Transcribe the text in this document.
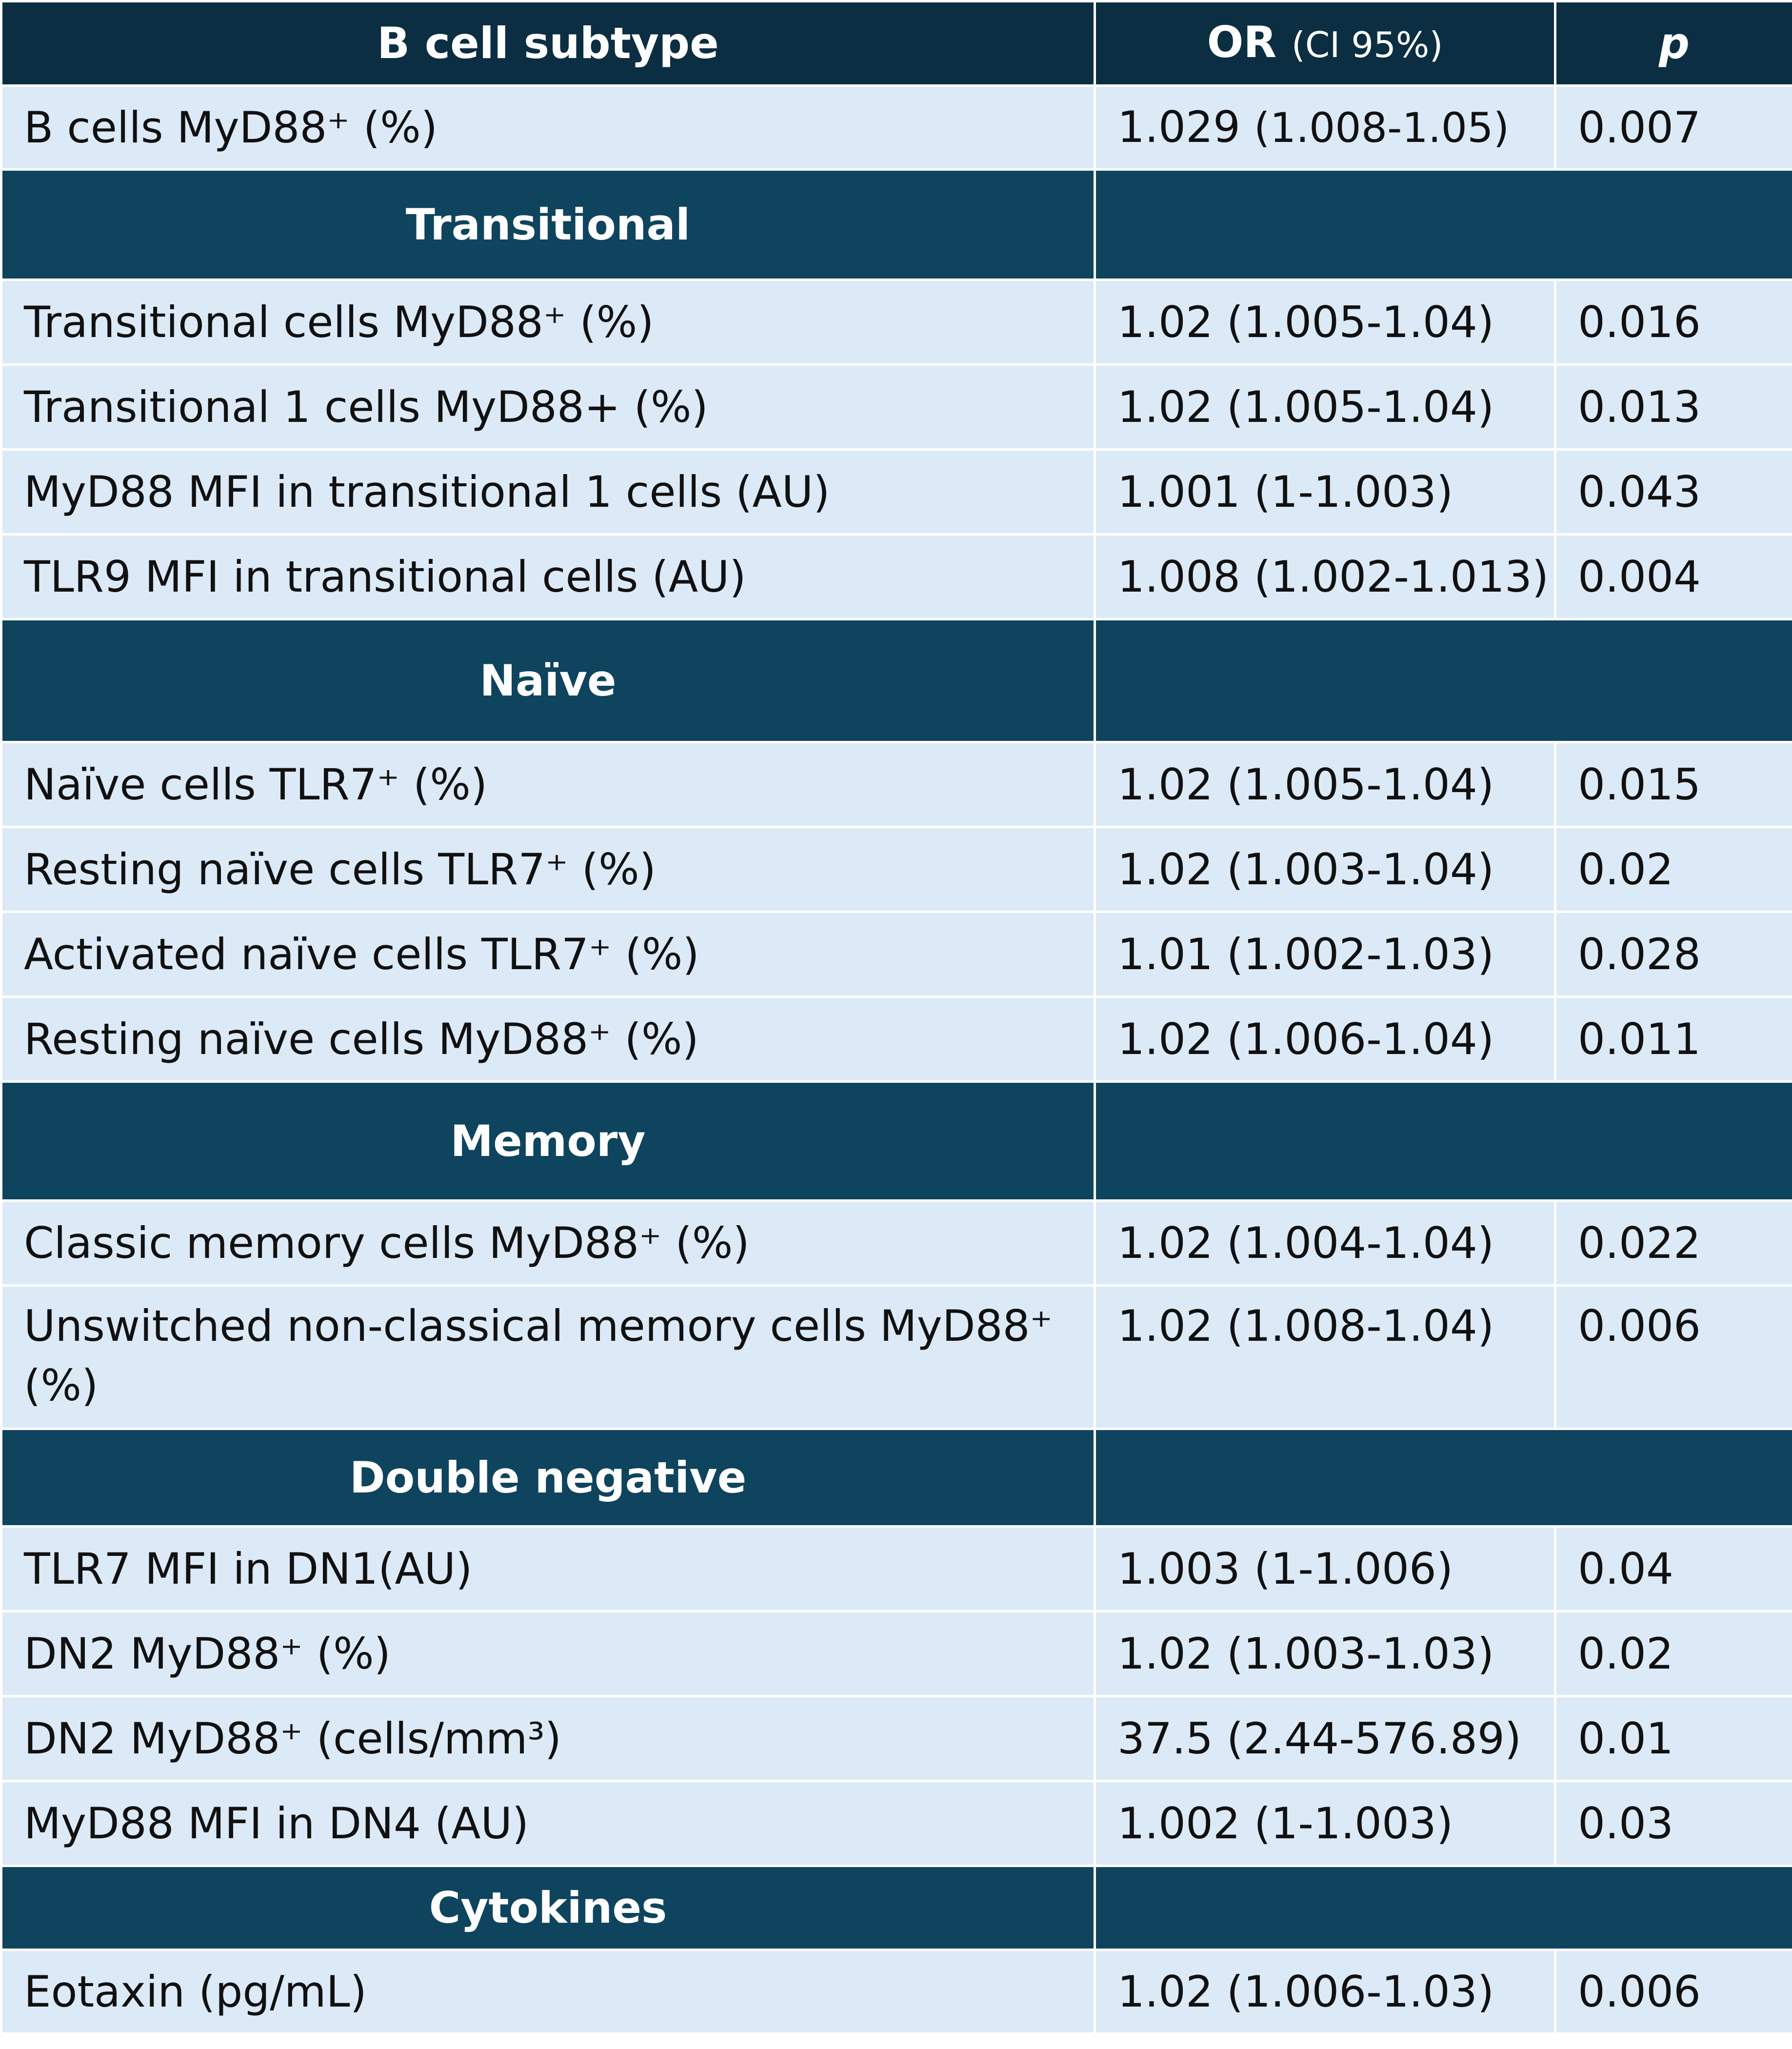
B cell subtype	OR (CI 95%)	p
B cells MyD88⁺ (%)	1.029 (1.008-1.05)	0.007
Transitional		
Transitional cells MyD88⁺ (%)	1.02 (1.005-1.04)	0.016
Transitional 1 cells MyD88+ (%)	1.02 (1.005-1.04)	0.013
MyD88 MFI in transitional 1 cells (AU)	1.001 (1-1.003)	0.043
TLR9 MFI in transitional cells (AU)	1.008 (1.002-1.013)	0.004
Naïve		
Naïve cells TLR7⁺ (%)	1.02 (1.005-1.04)	0.015
Resting naïve cells TLR7⁺ (%)	1.02 (1.003-1.04)	0.02
Activated naïve cells TLR7⁺ (%)	1.01 (1.002-1.03)	0.028
Resting naïve cells MyD88⁺ (%)	1.02 (1.006-1.04)	0.011
Memory		
Classic memory cells MyD88⁺ (%)	1.02 (1.004-1.04)	0.022
Unswitched non-classical memory cells MyD88⁺ (%)	1.02 (1.008-1.04)	0.006
Double negative		
TLR7 MFI in DN1(AU)	1.003 (1-1.006)	0.04
DN2 MyD88⁺ (%)	1.02 (1.003-1.03)	0.02
DN2 MyD88⁺ (cells/mm³)	37.5 (2.44-576.89)	0.01
MyD88 MFI in DN4 (AU)	1.002 (1-1.003)	0.03
Cytokines		
Eotaxin (pg/mL)	1.02 (1.006-1.03)	0.006
